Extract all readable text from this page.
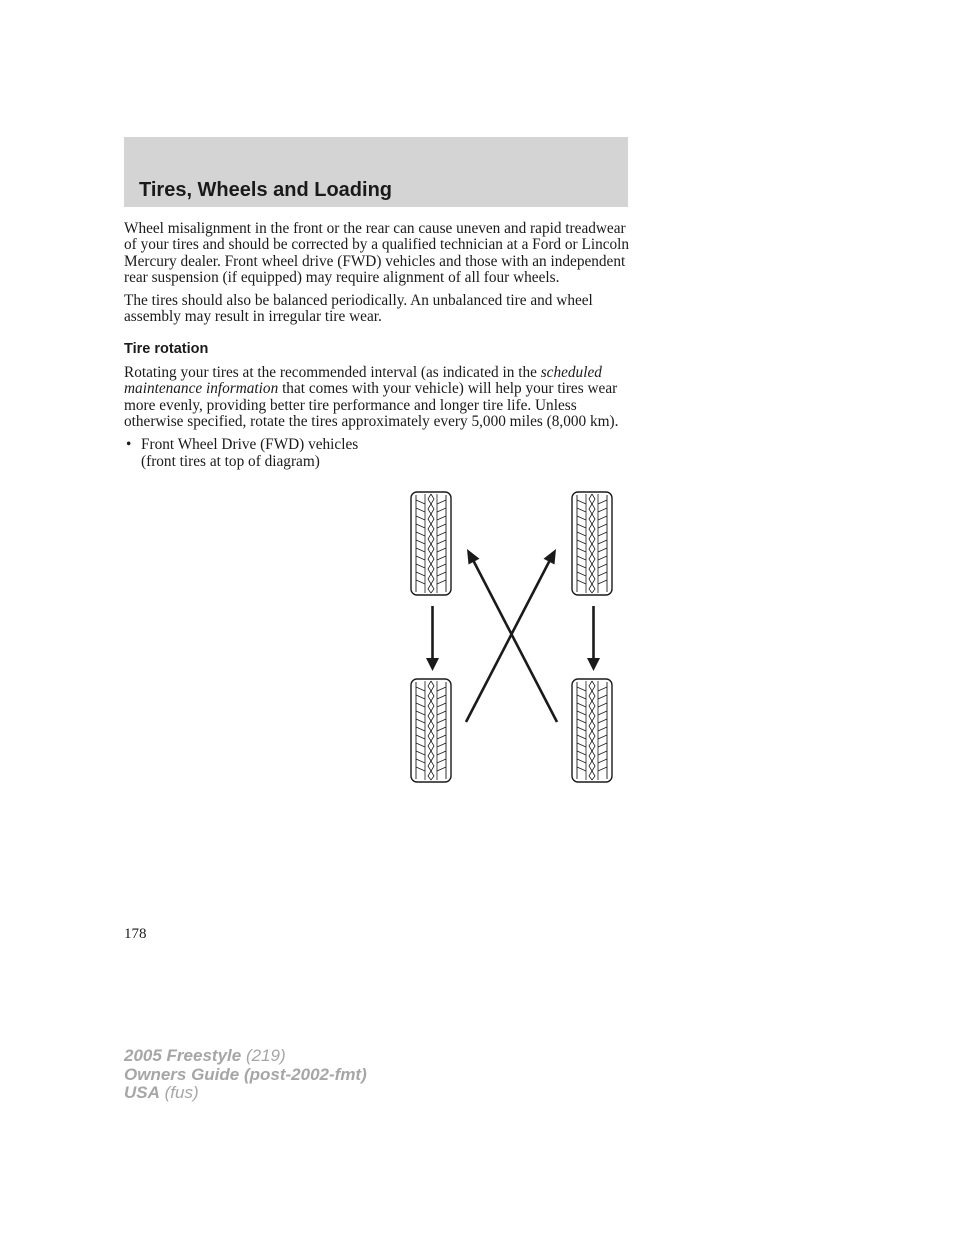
Tires, Wheels and Loading

Wheel misalignment in the front or the rear can cause uneven and rapid treadwear of your tires and should be corrected by a qualified technician at a Ford or Lincoln Mercury dealer. Front wheel drive (FWD) vehicles and those with an independent rear suspension (if equipped) may require alignment of all four wheels.

The tires should also be balanced periodically. An unbalanced tire and wheel assembly may result in irregular tire wear.

Tire rotation

Rotating your tires at the recommended interval (as indicated in the scheduled maintenance information that comes with your vehicle) will help your tires wear more evenly, providing better tire performance and longer tire life. Unless otherwise specified, rotate the tires approximately every 5,000 miles (8,000 km).

• Front Wheel Drive (FWD) vehicles (front tires at top of diagram)
178
2005 Freestyle (219)
Owners Guide (post-2002-fmt)
USA (fus)
